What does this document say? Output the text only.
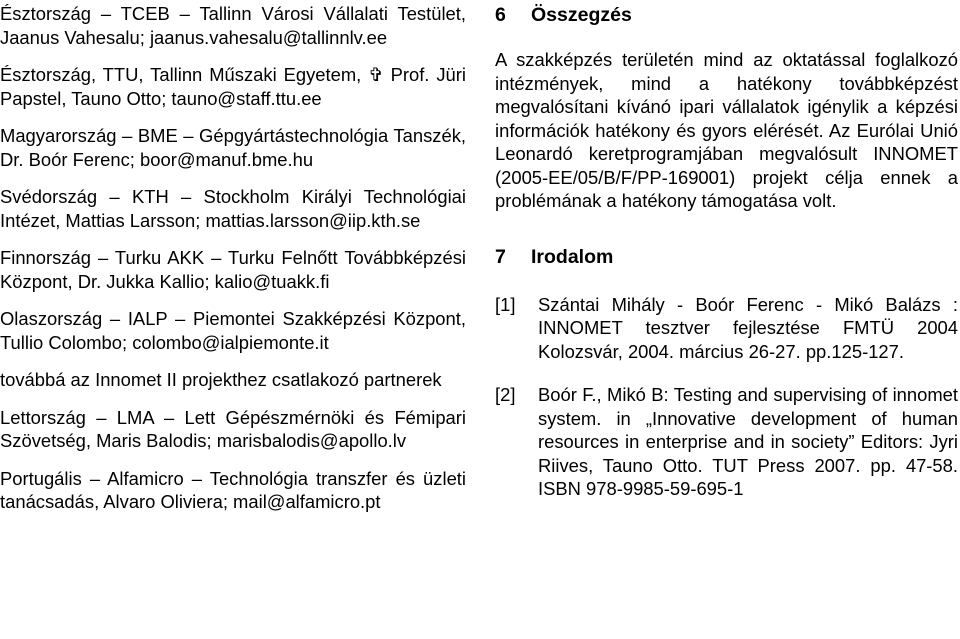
Észtország – TCEB – Tallinn Városi Vállalati Testület, Jaanus Vahesalu; jaanus.vahesalu@tallinnlv.ee

Észtország, TTU, Tallinn Műszaki Egyetem, ✞ Prof. Jüri Papstel, Tauno Otto; tauno@staff.ttu.ee

Magyarország – BME – Gépgyártástechnológia Tanszék, Dr. Boór Ferenc; boor@manuf.bme.hu

Svédország – KTH – Stockholm Királyi Technológiai Intézet, Mattias Larsson; mattias.larsson@iip.kth.se

Finnország – Turku AKK – Turku Felnőtt Továbbképzési Központ, Dr. Jukka Kallio; kalio@tuakk.fi

Olaszország – IALP – Piemontei Szakképzési Központ, Tullio Colombo; colombo@ialpiemonte.it

továbbá az Innomet II projekthez csatlakozó partnerek

Lettország – LMA – Lett Gépészmérnöki és Fémipari Szövetség, Maris Balodis; marisbalodis@apollo.lv

Portugális – Alfamicro – Technológia transzfer és üzleti tanácsadás, Alvaro Oliviera; mail@alfamicro.pt

6 Összegzés

A szakképzés területén mind az oktatással foglalkozó intézmények, mind a hatékony továbbképzést megvalósítani kívánó ipari vállalatok igénylik a képzési információk hatékony és gyors elérését. Az Eurólai Unió Leonardó keretprogramjában megvalósult INNOMET (2005-EE/05/B/F/PP-169001) projekt célja ennek a problémának a hatékony támogatása volt.

7 Irodalom
[1]	Szántai Mihály - Boór Ferenc - Mikó Balázs : INNOMET tesztver fejlesztése FMTÜ 2004 Kolozsvár, 2004. március 26-27. pp.125-127.
[2]	Boór F., Mikó B: Testing and supervising of innomet system. in „Innovative development of human resources in enterprise and in society” Editors: Jyri Riives, Tauno Otto. TUT Press 2007. pp. 47-58. ISBN 978-9985-59-695-1
